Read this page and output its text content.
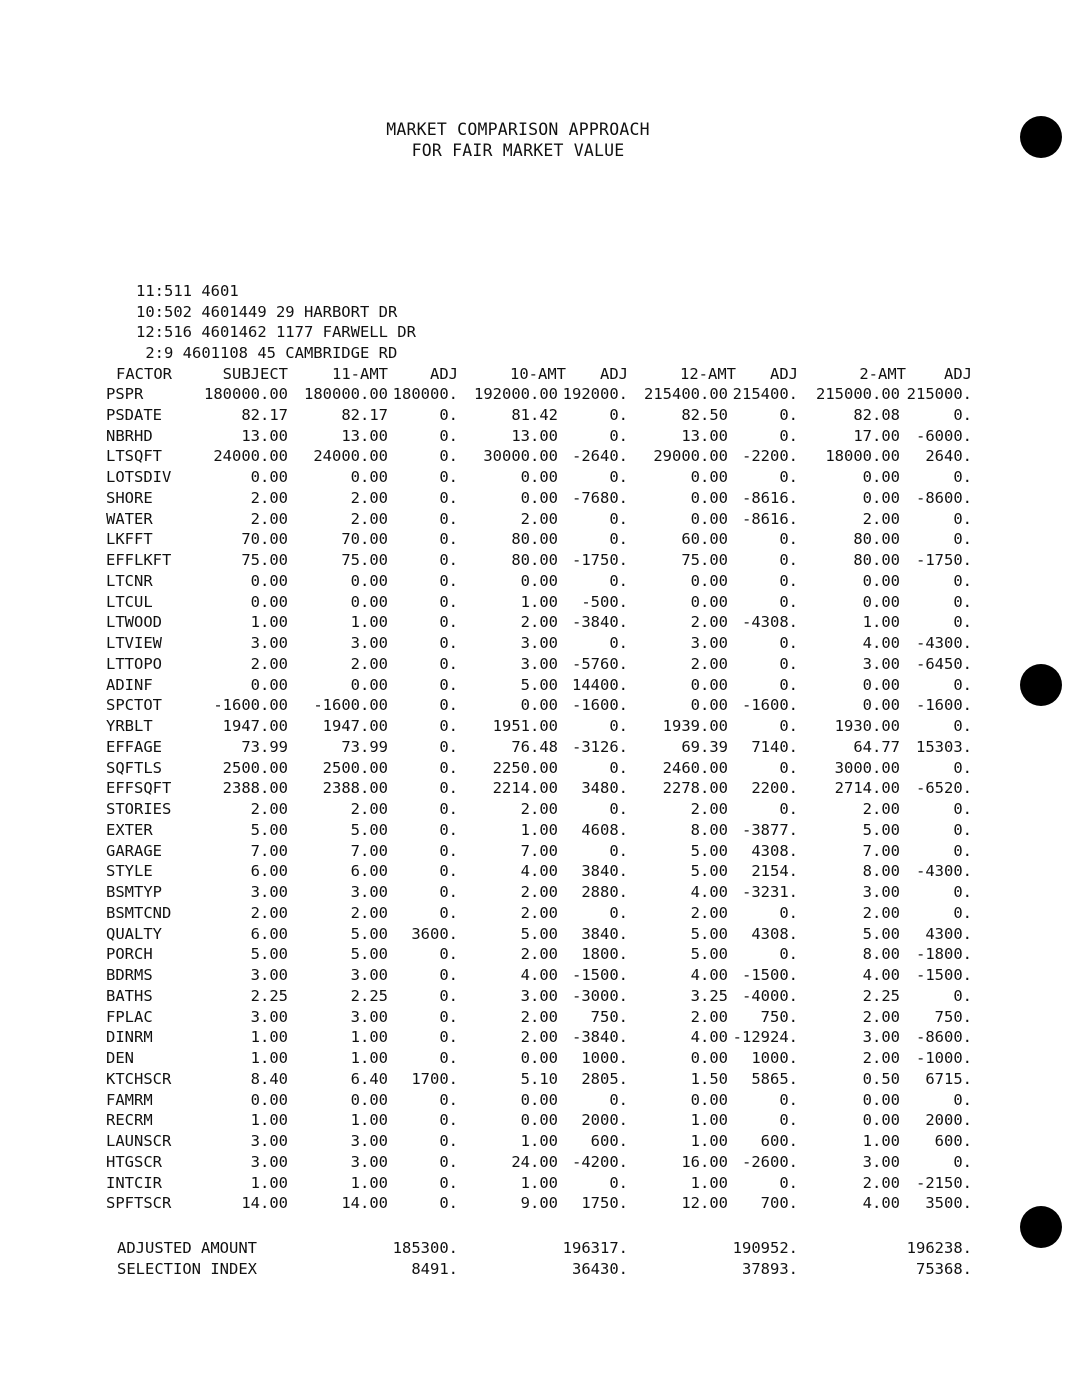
MARKET COMPARISON APPROACH
FOR FAIR MARKET VALUE
11:511 4601
10:502 4601449 29 HARBORT DR
12:516 4601462 1177 FARWELL DR
2:9 4601108 45 CAMBRIDGE RD
FACTOR	SUBJECT	11-AMT	ADJ	10-AMT	ADJ	12-AMT	ADJ	2-AMT	ADJ
PSPR	180000.00	180000.00 180000.	192000.00 192000.	215400.00 215400.	215000.00 215000.
PSDATE	82.17	82.17	0.	81.42	0.	82.50	0.	82.08	0.
NBRHD	13.00	13.00	0.	13.00	0.	13.00	0.	17.00	-6000.
LTSQFT	24000.00	24000.00	0.	30000.00 -2640.	29000.00 -2200.	18000.00	2640.
LOTSDIV	0.00	0.00	0.	0.00	0.	0.00	0.	0.00	0.
SHORE	2.00	2.00	0.	0.00 -7680.	0.00 -8616.	0.00	-8600.
WATER	2.00	2.00	0.	2.00	0.	0.00 -8616.	2.00	0.
LKFFT	70.00	70.00	0.	80.00	0.	60.00	0.	80.00	0.
EFFLKFT	75.00	75.00	0.	80.00 -1750.	75.00	0.	80.00	-1750.
LTCNR	0.00	0.00	0.	0.00	0.	0.00	0.	0.00	0.
LTCUL	0.00	0.00	0.	1.00	-500.	0.00	0.	0.00	0.
LTWOOD	1.00	1.00	0.	2.00 -3840.	2.00 -4308.	1.00	0.
LTVIEW	3.00	3.00	0.	3.00	0.	3.00	0.	4.00	-4300.
LTTOPO	2.00	2.00	0.	3.00 -5760.	2.00	0.	3.00	-6450.
ADINF	0.00	0.00	0.	5.00 14400.	0.00	0.	0.00	0.
SPCTOT	-1600.00	-1600.00	0.	0.00 -1600.	0.00 -1600.	0.00	-1600.
YRBLT	1947.00	1947.00	0.	1951.00	0.	1939.00	0.	1930.00	0.
EFFAGE	73.99	73.99	0.	76.48 -3126.	69.39	7140.	64.77	15303.
SQFTLS	2500.00	2500.00	0.	2250.00	0.	2460.00	0.	3000.00	0.
EFFSQFT	2388.00	2388.00	0.	2214.00	3480.	2278.00	2200.	2714.00	-6520.
STORIES	2.00	2.00	0.	2.00	0.	2.00	0.	2.00	0.
EXTER	5.00	5.00	0.	1.00	4608.	8.00 -3877.	5.00	0.
GARAGE	7.00	7.00	0.	7.00	0.	5.00	4308.	7.00	0.
STYLE	6.00	6.00	0.	4.00	3840.	5.00	2154.	8.00	-4300.
BSMTYP	3.00	3.00	0.	2.00	2880.	4.00 -3231.	3.00	0.
BSMTCND	2.00	2.00	0.	2.00	0.	2.00	0.	2.00	0.
QUALTY	6.00	5.00	3600.	5.00	3840.	5.00	4308.	5.00	4300.
PORCH	5.00	5.00	0.	2.00	1800.	5.00	0.	8.00	-1800.
BDRMS	3.00	3.00	0.	4.00 -1500.	4.00 -1500.	4.00	-1500.
BATHS	2.25	2.25	0.	3.00 -3000.	3.25 -4000.	2.25	0.
FPLAC	3.00	3.00	0.	2.00	750.	2.00	750.	2.00	750.
DINRM	1.00	1.00	0.	2.00 -3840.	4.00 -12924.	3.00	-8600.
DEN	1.00	1.00	0.	0.00	1000.	0.00	1000.	2.00	-1000.
KTCHSCR	8.40	6.40	1700.	5.10	2805.	1.50	5865.	0.50	6715.
FAMRM	0.00	0.00	0.	0.00	0.	0.00	0.	0.00	0.
RECRM	1.00	1.00	0.	0.00	2000.	1.00	0.	0.00	2000.
LAUNSCR	3.00	3.00	0.	1.00	600.	1.00	600.	1.00	600.
HTGSCR	3.00	3.00	0.	24.00 -4200.	16.00 -2600.	3.00	0.
INTCIR	1.00	1.00	0.	1.00	0.	1.00	0.	2.00	-2150.
SPFTSCR	14.00	14.00	0.	9.00	1750.	12.00	700.	4.00	3500.
ADJUSTED AMOUNT	185300.	196317.	190952.	196238.
SELECTION INDEX	8491.	36430.	37893.	75368.
